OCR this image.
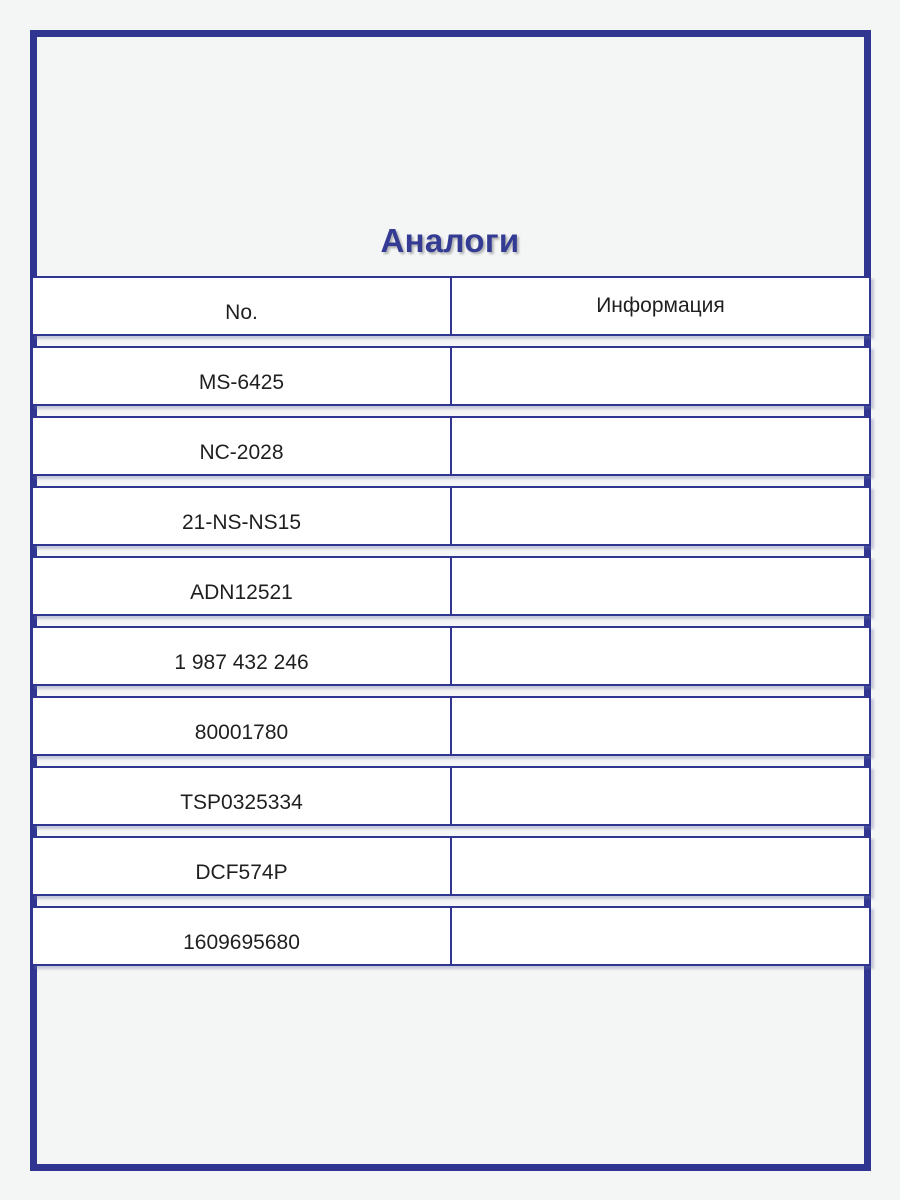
Аналоги
No.	Информация
MS-6425
NC-2028
21-NS-NS15
ADN12521
1 987 432 246
80001780
TSP0325334
DCF574P
1609695680
